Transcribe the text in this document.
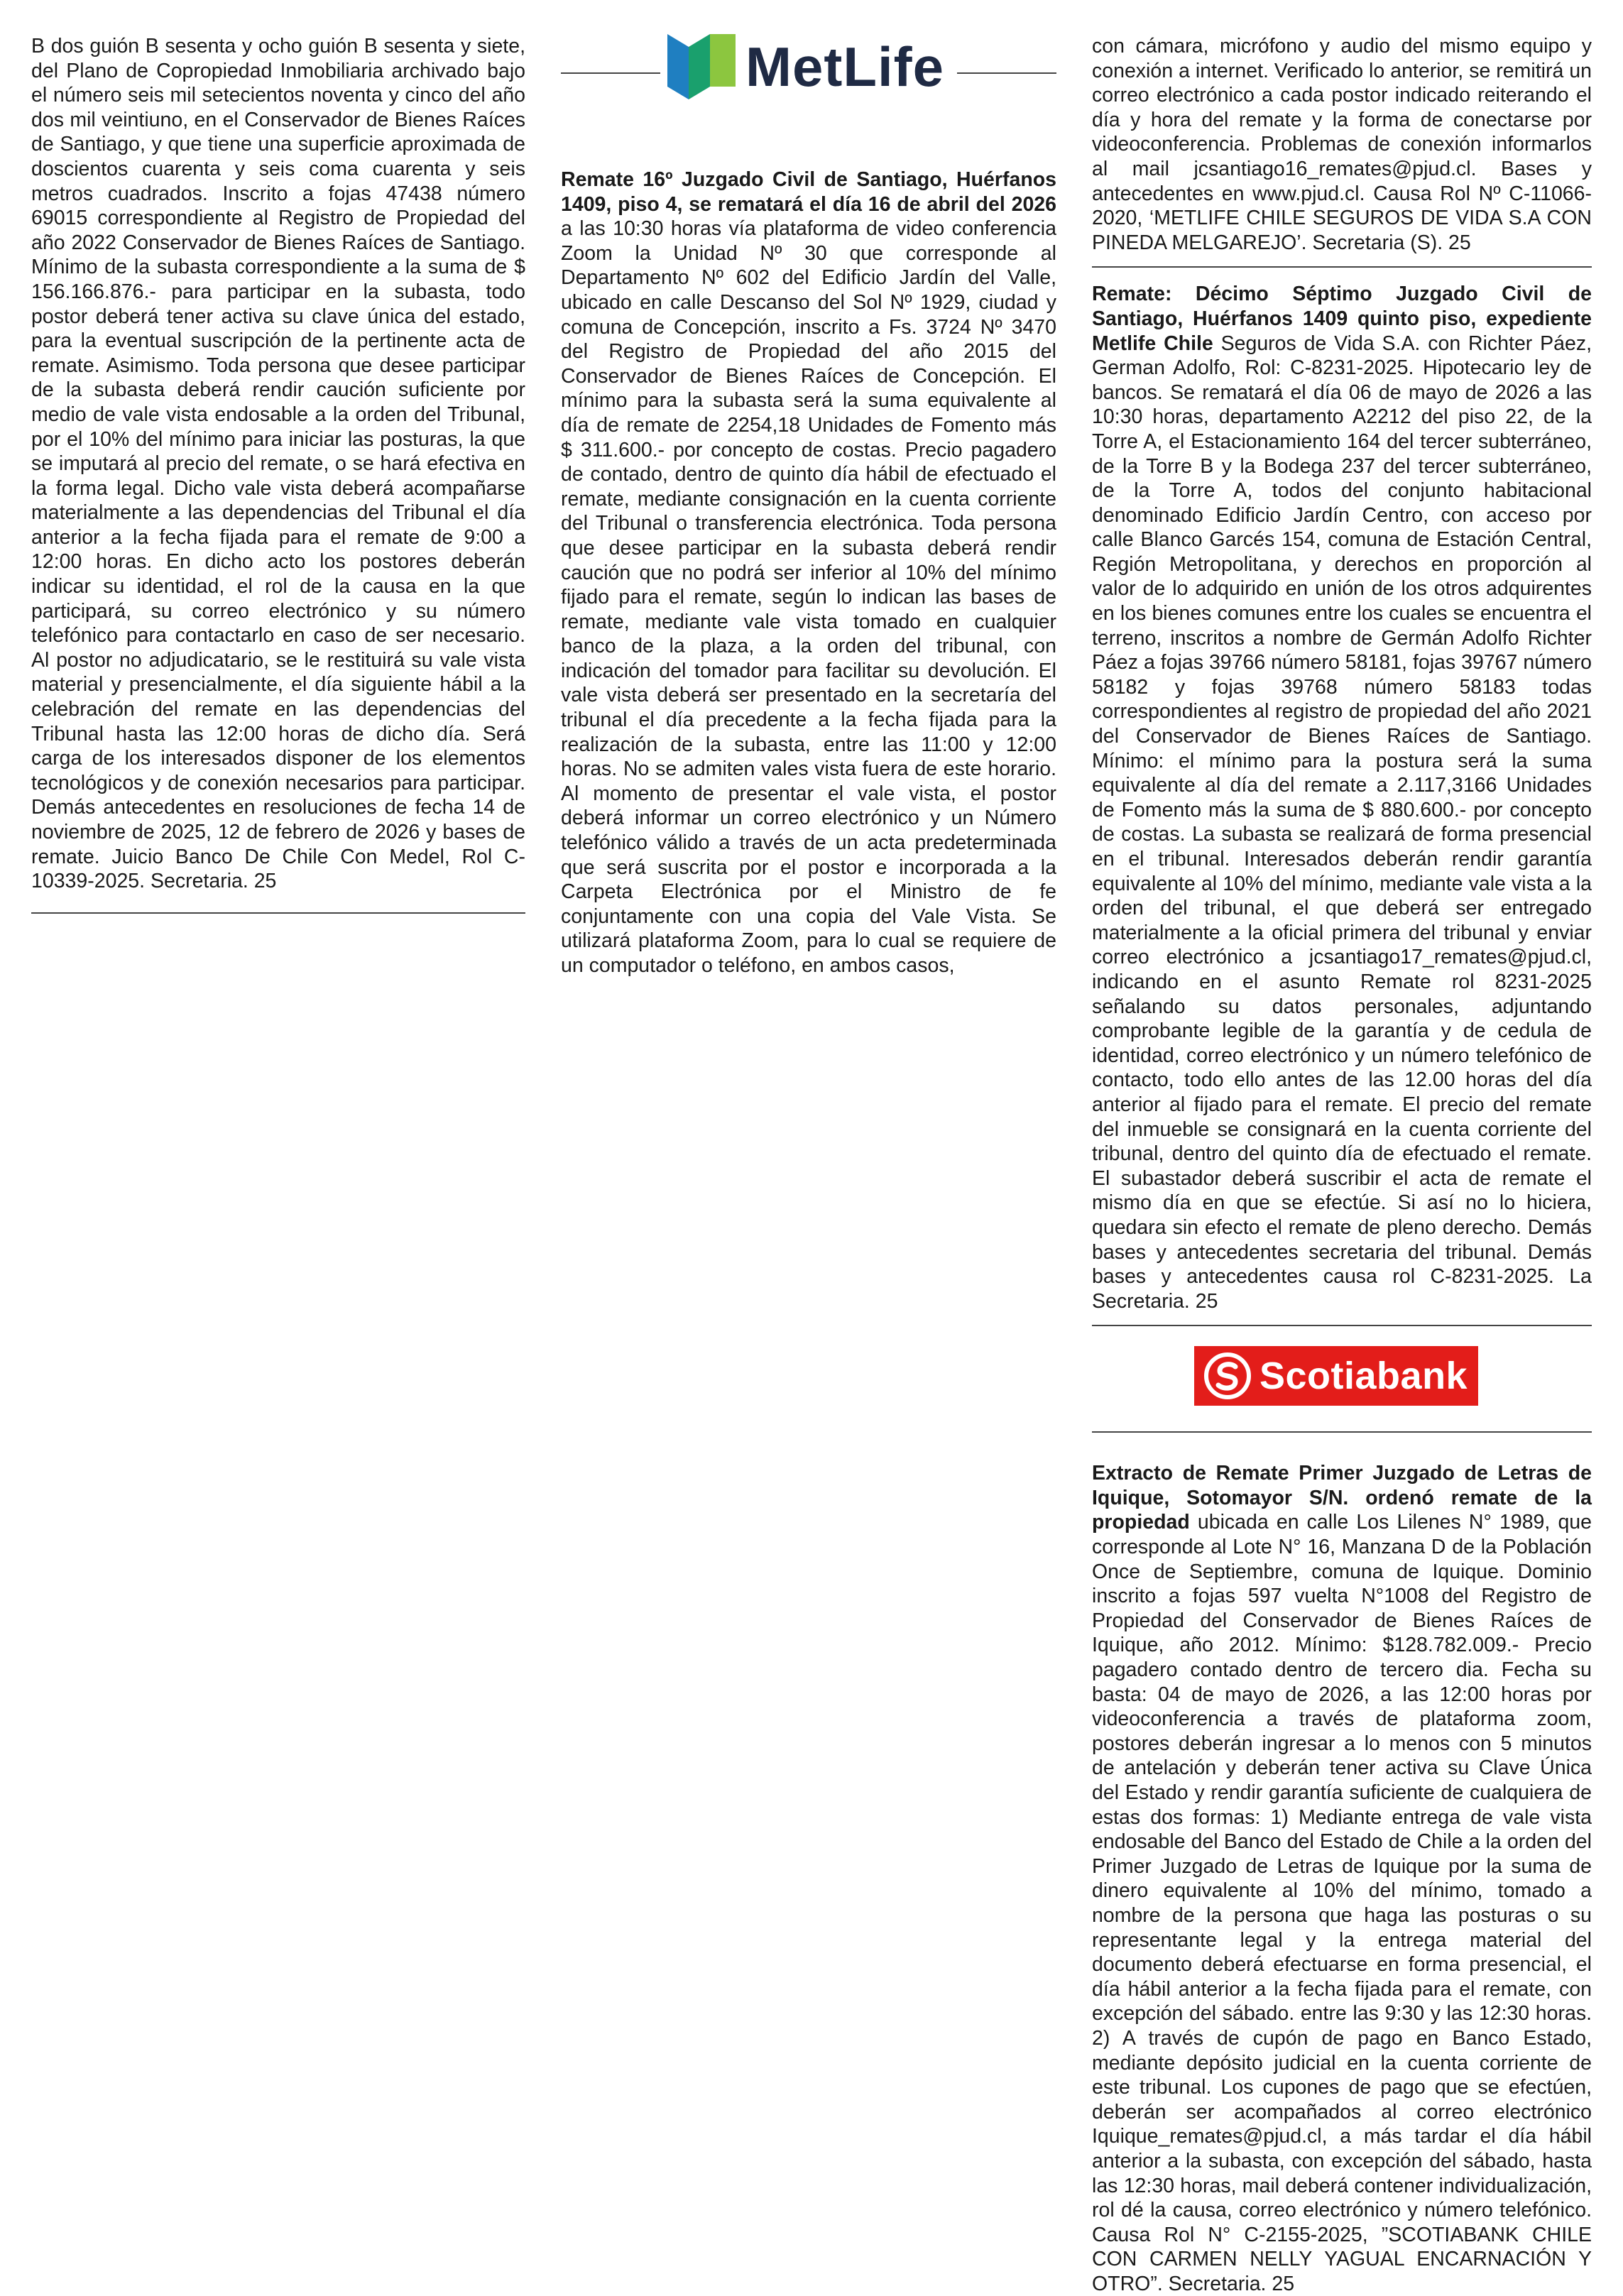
B dos guión B sesenta y ocho guión B sesenta y siete, del Plano de Copropiedad Inmobiliaria archivado bajo el número seis mil setecientos noventa y cinco del año dos mil veintiuno, en el Conservador de Bienes Raíces de Santiago, y que tiene una superficie aproximada de doscientos cuarenta y seis coma cuarenta y seis metros cuadrados. Inscrito a fojas 47438 número 69015 correspondiente al Registro de Propiedad del año 2022 Conservador de Bienes Raíces de Santiago. Mínimo de la subasta correspondiente a la suma de $ 156.166.876.- para participar en la subasta, todo postor deberá tener activa su clave única del estado, para la eventual suscripción de la pertinente acta de remate. Asimismo. Toda persona que desee participar de la subasta deberá rendir caución suficiente por medio de vale vista endosable a la orden del Tribunal, por el 10% del mínimo para iniciar las posturas, la que se imputará al precio del remate, o se hará efectiva en la forma legal. Dicho vale vista deberá acompañarse materialmente a las dependencias del Tribunal el día anterior a la fecha fijada para el remate de 9:00 a 12:00 horas. En dicho acto los postores deberán indicar su identidad, el rol de la causa en la que participará, su correo electrónico y su número telefónico para contactarlo en caso de ser necesario. Al postor no adjudicatario, se le restituirá su vale vista material y presencialmente, el día siguiente hábil a la celebración del remate en las dependencias del Tribunal hasta las 12:00 horas de dicho día. Será carga de los interesados disponer de los elementos tecnológicos y de conexión necesarios para participar. Demás antecedentes en resoluciones de fecha 14 de noviembre de 2025, 12 de febrero de 2026 y bases de remate. Juicio Banco De Chile Con Medel, Rol C-10339-2025. Secretaria. 25

MetLife

Remate 16º Juzgado Civil de Santiago, Huérfanos 1409, piso 4, se rematará el día 16 de abril del 2026 a las 10:30 horas vía plataforma de video conferencia Zoom la Unidad Nº 30 que corresponde al Departamento Nº 602 del Edificio Jardín del Valle, ubicado en calle Descanso del Sol Nº 1929, ciudad y comuna de Concepción, inscrito a Fs. 3724 Nº 3470 del Registro de Propiedad del año 2015 del Conservador de Bienes Raíces de Concepción. El mínimo para la subasta será la suma equivalente al día de remate de 2254,18 Unidades de Fomento más $ 311.600.- por concepto de costas. Precio pagadero de contado, dentro de quinto día hábil de efectuado el remate, mediante consignación en la cuenta corriente del Tribunal o transferencia electrónica. Toda persona que desee participar en la subasta deberá rendir caución que no podrá ser inferior al 10% del mínimo fijado para el remate, según lo indican las bases de remate, mediante vale vista tomado en cualquier banco de la plaza, a la orden del tribunal, con indicación del tomador para facilitar su devolución. El vale vista deberá ser presentado en la secretaría del tribunal el día precedente a la fecha fijada para la realización de la subasta, entre las 11:00 y 12:00 horas. No se admiten vales vista fuera de este horario. Al momento de presentar el vale vista, el postor deberá informar un correo electrónico y un Número telefónico válido a través de un acta predeterminada que será suscrita por el postor e incorporada a la Carpeta Electrónica por el Ministro de fe conjuntamente con una copia del Vale Vista. Se utilizará plataforma Zoom, para lo cual se requiere de un computador o teléfono, en ambos casos,

con cámara, micrófono y audio del mismo equipo y conexión a internet. Verificado lo anterior, se remitirá un correo electrónico a cada postor indicado reiterando el día y hora del remate y la forma de conectarse por videoconferencia. Problemas de conexión informarlos al mail jcsantiago16_remates@pjud.cl. Bases y antecedentes en www.pjud.cl. Causa Rol Nº C-11066-2020, ‘METLIFE CHILE SEGUROS DE VIDA S.A CON PINEDA MELGAREJO’. Secretaria (S). 25

Remate: Décimo Séptimo Juzgado Civil de Santiago, Huérfanos 1409 quinto piso, expediente Metlife Chile Seguros de Vida S.A. con Richter Páez, German Adolfo, Rol: C-8231-2025. Hipotecario ley de bancos. Se rematará el día 06 de mayo de 2026 a las 10:30 horas, departamento A2212 del piso 22, de la Torre A, el Estacionamiento 164 del tercer subterráneo, de la Torre B y la Bodega 237 del tercer subterráneo, de la Torre A, todos del conjunto habitacional denominado Edificio Jardín Centro, con acceso por calle Blanco Garcés 154, comuna de Estación Central, Región Metropolitana, y derechos en proporción al valor de lo adquirido en unión de los otros adquirentes en los bienes comunes entre los cuales se encuentra el terreno, inscritos a nombre de Germán Adolfo Richter Páez a fojas 39766 número 58181, fojas 39767 número 58182 y fojas 39768 número 58183 todas correspondientes al registro de propiedad del año 2021 del Conservador de Bienes Raíces de Santiago. Mínimo: el mínimo para la postura será la suma equivalente al día del remate a 2.117,3166 Unidades de Fomento más la suma de $ 880.600.- por concepto de costas. La subasta se realizará de forma presencial en el tribunal. Interesados deberán rendir garantía equivalente al 10% del mínimo, mediante vale vista a la orden del tribunal, el que deberá ser entregado materialmente a la oficial primera del tribunal y enviar correo electrónico a jcsantiago17_remates@pjud.cl, indicando en el asunto Remate rol 8231-2025 señalando su datos personales, adjuntando comprobante legible de la garantía y de cedula de identidad, correo electrónico y un número telefónico de contacto, todo ello antes de las 12.00 horas del día anterior al fijado para el remate. El precio del remate del inmueble se consignará en la cuenta corriente del tribunal, dentro del quinto día de efectuado el remate. El subastador deberá suscribir el acta de remate el mismo día en que se efectúe. Si así no lo hiciera, quedara sin efecto el remate de pleno derecho. Demás bases y antecedentes secretaria del tribunal. Demás bases y antecedentes causa rol C-8231-2025. La Secretaria. 25

Scotiabank

Extracto de Remate Primer Juzgado de Letras de Iquique, Sotomayor S/N. ordenó remate de la propiedad ubicada en calle Los Lilenes N° 1989, que corresponde al Lote N° 16, Manzana D de la Población Once de Septiembre, comuna de Iquique. Dominio inscrito a fojas 597 vuelta N°1008 del Registro de Propiedad del Conservador de Bienes Raíces de Iquique, año 2012. Mínimo: $128.782.009.- Precio pagadero contado dentro de tercero dia. Fecha su basta: 04 de mayo de 2026, a las 12:00 horas por videoconferencia a través de plataforma zoom, postores deberán ingresar a lo menos con 5 minutos de antelación y deberán tener activa su Clave Única del Estado y rendir garantía suficiente de cualquiera de estas dos formas: 1) Mediante entrega de vale vista endosable del Banco del Estado de Chile a la orden del Primer Juzgado de Letras de Iquique por la suma de dinero equivalente al 10% del mínimo, tomado a nombre de la persona que haga las posturas o su representante legal y la entrega material del documento deberá efectuarse en forma presencial, el día hábil anterior a la fecha fijada para el remate, con excepción del sábado. entre las 9:30 y las 12:30 horas. 2) A través de cupón de pago en Banco Estado, mediante depósito judicial en la cuenta corriente de este tribunal. Los cupones de pago que se efectúen, deberán ser acompañados al correo electrónico Iquique_remates@pjud.cl, a más tardar el día hábil anterior a la subasta, con excepción del sábado, hasta las 12:30 horas, mail deberá contener individualización, rol dé la causa, correo electrónico y número telefónico. Causa Rol N° C-2155-2025, ”SCOTIABANK CHILE CON CARMEN NELLY YAGUAL ENCARNACIÓN Y OTRO”. Secretaria. 25
